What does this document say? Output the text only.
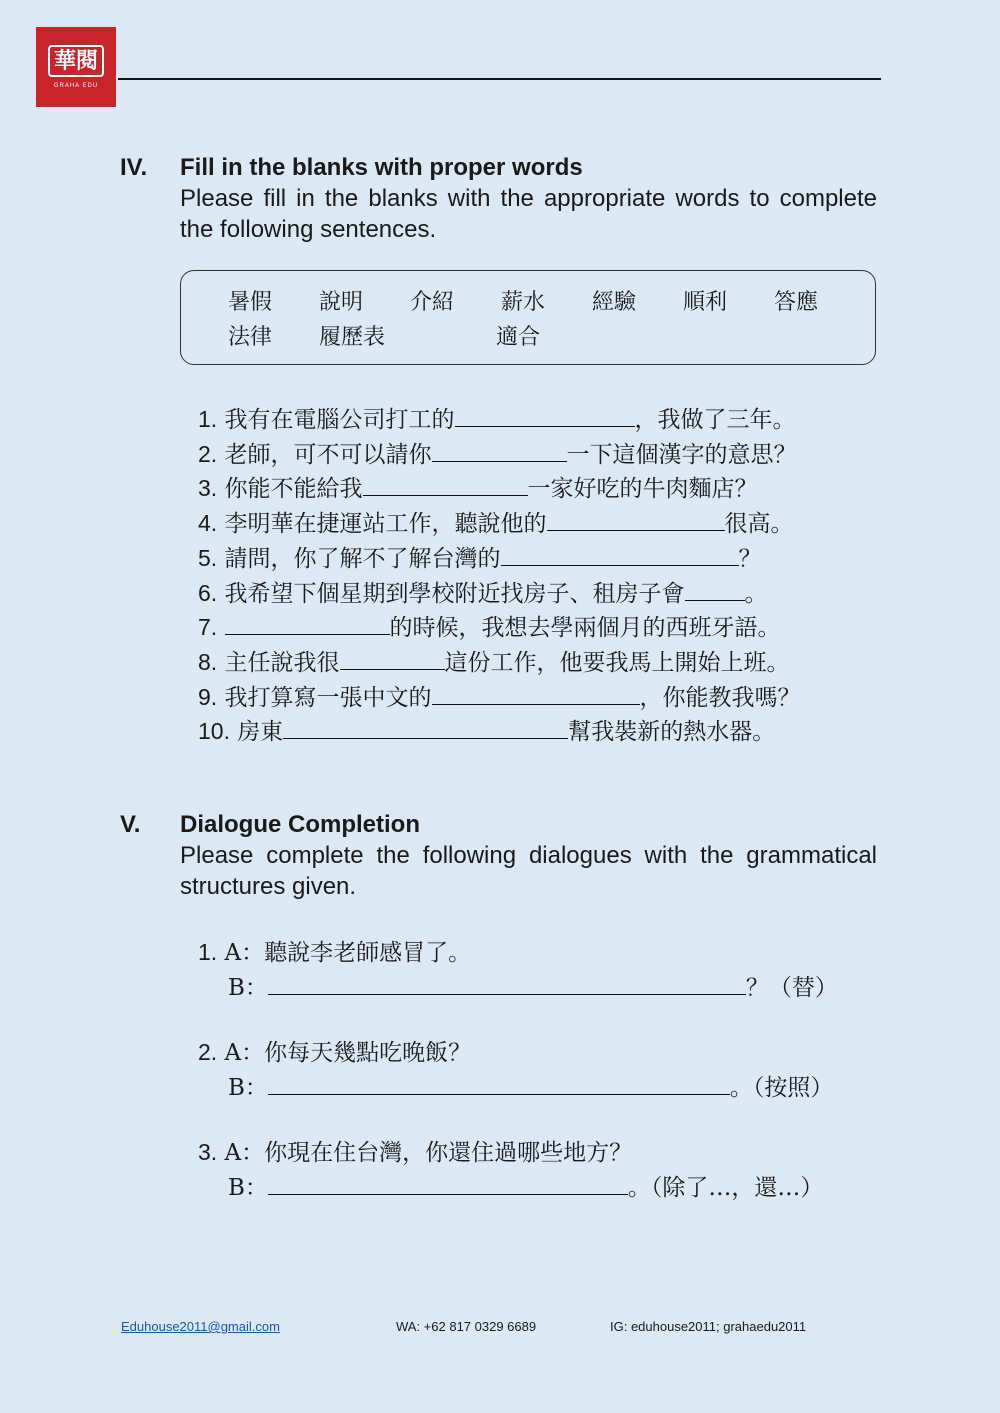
華閱
GRAHA EDU
IV. Fill in the blanks with proper words
Please fill in the blanks with the appropriate words to complete the following sentences.
暑假 說明 介紹 薪水 經驗 順利 答應
法律 履歷表	適合
1. 我有在電腦公司打工的	，我做了三年。
2. 老師，可不可以請你	一下這個漢字的意思？
3. 你能不能給我	一家好吃的牛肉麵店？
4. 李明華在捷運站工作，聽說他的	很高。
5. 請問，你了解不了解台灣的	？
6. 我希望下個星期到學校附近找房子、租房子會	。
7.	的時候，我想去學兩個月的西班牙語。
8. 主任說我很	這份工作，他要我馬上開始上班。
9. 我打算寫一張中文的	，你能教我嗎？
10. 房東	幫我裝新的熱水器。
V. Dialogue Completion
Please complete the following dialogues with the grammatical structures given.
1. A：聽說李老師感冒了。
B：	？（替）
2. A：你每天幾點吃晚飯？
B：	。（按照）
3. A：你現在住台灣，你還住過哪些地方？
B：	。（除了…，還…）
Eduhouse2011@gmail.com	WA: +62 817 0329 6689	IG: eduhouse2011; grahaedu2011
